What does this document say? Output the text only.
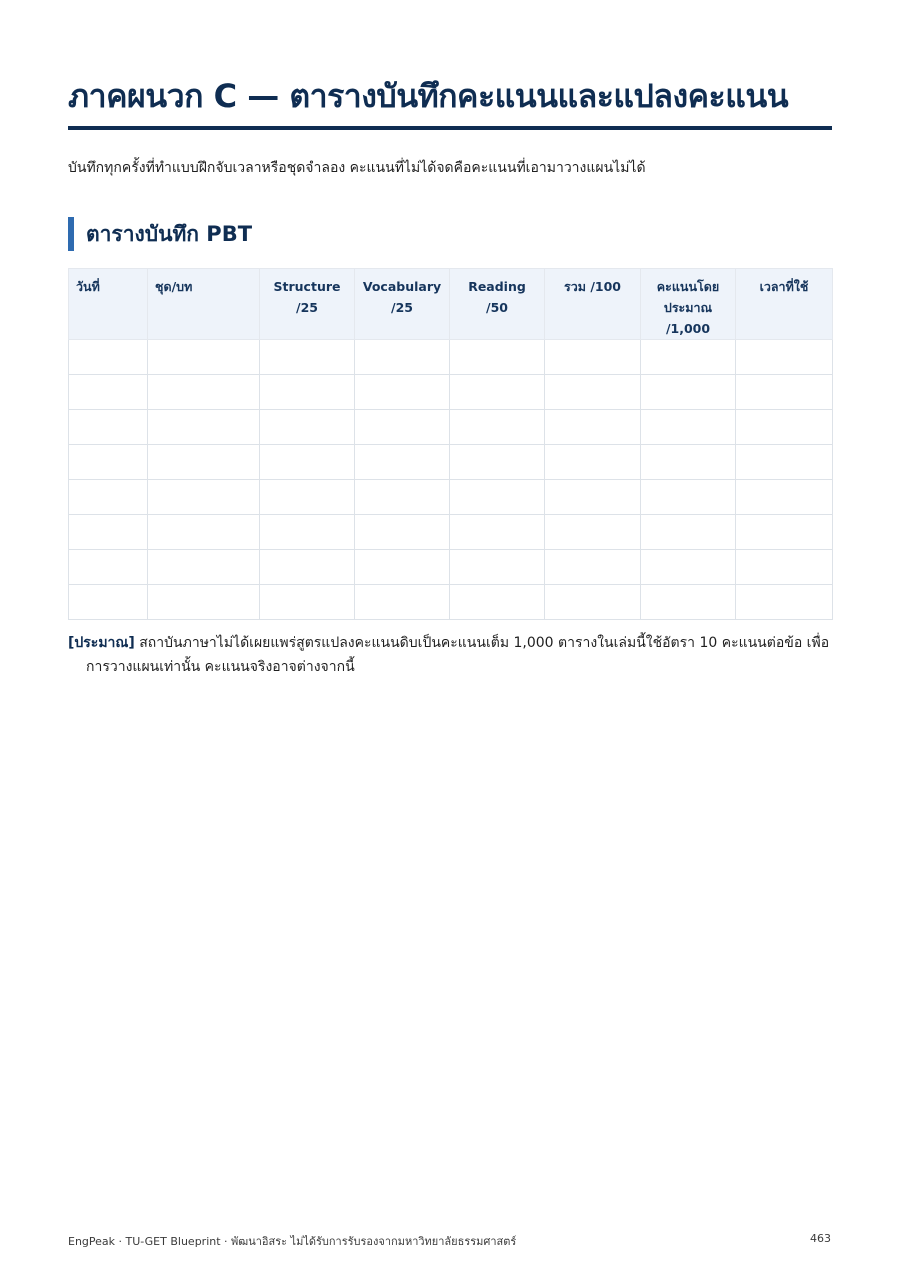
ภาคผนวก C — ตารางบันทึกคะแนนและแปลงคะแนน
บันทึกทุกครั้งที่ทำแบบฝึกจับเวลาหรือชุดจำลอง คะแนนที่ไม่ได้จดคือคะแนนที่เอามาวางแผนไม่ได้
ตารางบันทึก PBT
วันที่	ชุด/บท	Structure /25	Vocabulary /25	Reading /50	รวม /100	คะแนนโดยประมาณ /1,000	เวลาที่ใช้

[ประมาณ] สถาบันภาษาไม่ได้เผยแพร่สูตรแปลงคะแนนดิบเป็นคะแนนเต็ม 1,000 ตารางในเล่มนี้ใช้อัตรา 10 คะแนนต่อข้อ เพื่อการวางแผนเท่านั้น คะแนนจริงอาจต่างจากนี้
EngPeak · TU-GET Blueprint · พัฒนาอิสระ ไม่ได้รับการรับรองจากมหาวิทยาลัยธรรมศาสตร์	463
